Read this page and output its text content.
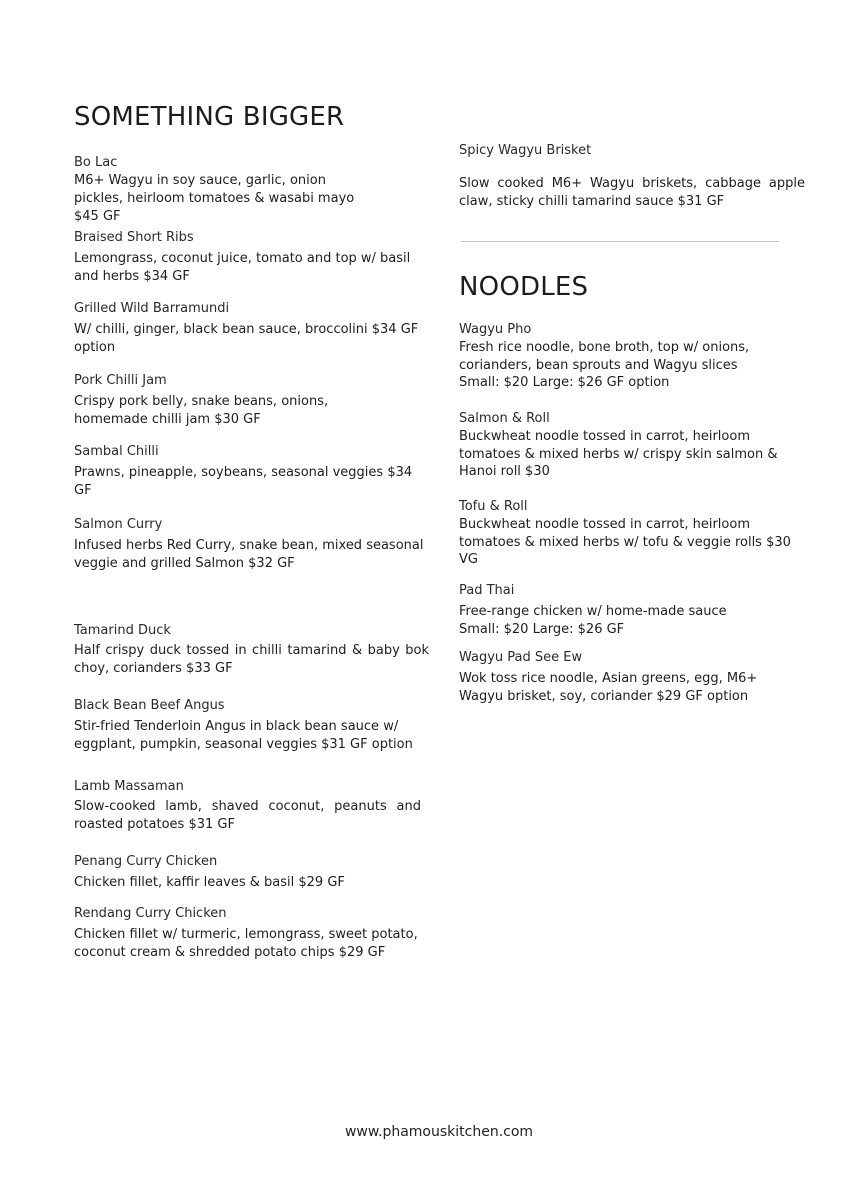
SOMETHING BIGGER
Bo Lac
M6+ Wagyu in soy sauce, garlic, onion pickles, heirloom tomatoes & wasabi mayo $45 GF
Braised Short Ribs
Lemongrass, coconut juice, tomato and top w/ basil and herbs $34 GF
Grilled Wild Barramundi
W/ chilli, ginger, black bean sauce, broccolini $34 GF option
Pork Chilli Jam
Crispy pork belly, snake beans, onions, homemade chilli jam $30 GF
Sambal Chilli
Prawns, pineapple, soybeans, seasonal veggies $34 GF
Salmon Curry
Infused herbs Red Curry, snake bean, mixed seasonal veggie and grilled Salmon $32 GF
Tamarind Duck
Half crispy duck tossed in chilli tamarind & baby bok choy, corianders $33 GF
Black Bean Beef Angus
Stir-fried Tenderloin Angus in black bean sauce w/ eggplant, pumpkin, seasonal veggies $31 GF option
Lamb Massaman
Slow-cooked lamb, shaved coconut, peanuts and roasted potatoes $31 GF
Penang Curry Chicken
Chicken fillet, kaffir leaves & basil $29 GF
Rendang Curry Chicken
Chicken fillet w/ turmeric, lemongrass, sweet potato, coconut cream & shredded potato chips $29 GF
Spicy Wagyu Brisket
Slow cooked M6+ Wagyu briskets, cabbage apple claw, sticky chilli tamarind sauce $31 GF
NOODLES
Wagyu Pho
Fresh rice noodle, bone broth, top w/ onions, corianders, bean sprouts and Wagyu slices
Small: $20 Large: $26 GF option
Salmon & Roll
Buckwheat noodle tossed in carrot, heirloom tomatoes & mixed herbs w/ crispy skin salmon & Hanoi roll $30
Tofu & Roll
Buckwheat noodle tossed in carrot, heirloom tomatoes & mixed herbs w/ tofu & veggie rolls $30 VG
Pad Thai
Free-range chicken w/ home-made sauce
Small: $20 Large: $26 GF
Wagyu Pad See Ew
Wok toss rice noodle, Asian greens, egg, M6+ Wagyu brisket, soy, coriander $29 GF option
www.phamouskitchen.com
